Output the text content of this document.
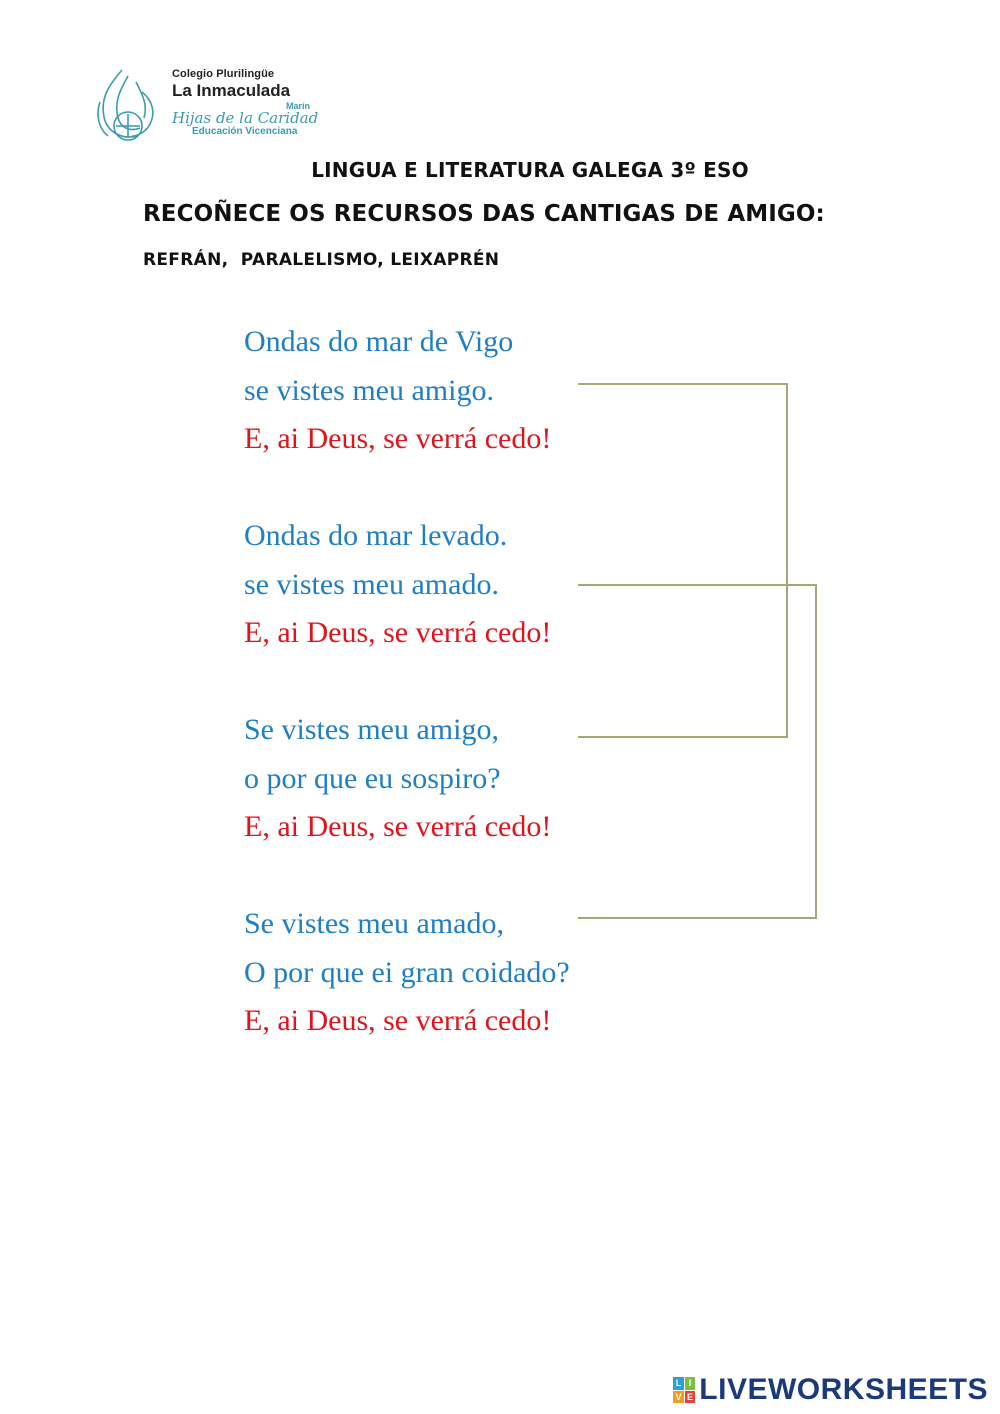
Colegio Plurilingüe
La Inmaculada
Marín
Hijas de la Caridad
Educación Vicenciana
LINGUA E LITERATURA GALEGA 3º ESO
RECOÑECE OS RECURSOS DAS CANTIGAS DE AMIGO:
REFRÁN,  PARALELISMO, LEIXAPRÉN
Ondas do mar de Vigo
se vistes meu amigo.
E, ai Deus, se verrá cedo!
Ondas do mar levado.
se vistes meu amado.
E, ai Deus, se verrá cedo!
Se vistes meu amigo,
o por que eu sospiro?
E, ai Deus, se verrá cedo!
Se vistes meu amado,
O por que ei gran coidado?
E, ai Deus, se verrá cedo!
L I
V E LIVEWORKSHEETS
